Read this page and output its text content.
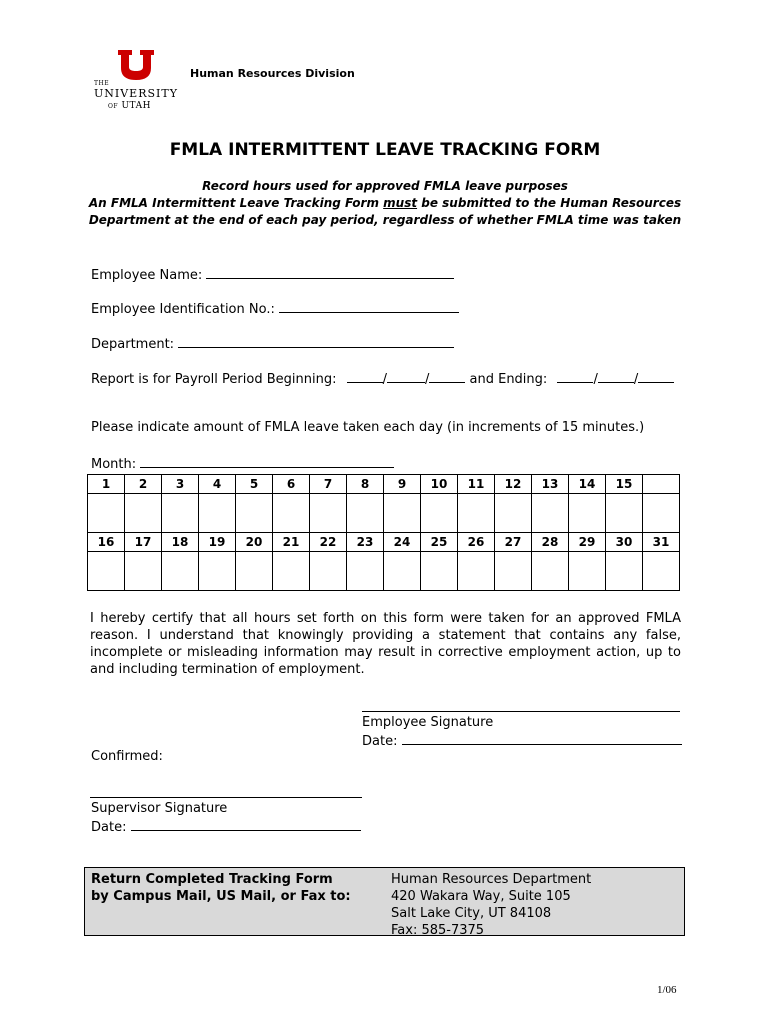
THE
UNIVERSITY
OF UTAH
Human Resources Division
FMLA INTERMITTENT LEAVE TRACKING FORM
Record hours used for approved FMLA leave purposes
An FMLA Intermittent Leave Tracking Form must be submitted to the Human Resources
Department at the end of each pay period, regardless of whether FMLA time was taken
Employee Name:
Employee Identification No.:
Department:
Report is for Payroll Period Beginning:	/	/	and Ending:	/	/
Please indicate amount of FMLA leave taken each day (in increments of 15 minutes.)
Month:
1	2	3	4	5	6	7	8	9	10	11	12	13	14	15	

16	17	18	19	20	21	22	23	24	25	26	27	28	29	30	31

I hereby certify that all hours set forth on this form were taken for an approved FMLA reason. I understand that knowingly providing a statement that contains any false, incomplete or misleading information may result in corrective employment action, up to and including termination of employment.
Employee Signature
Date:
Confirmed:
Supervisor Signature
Date:
Return Completed Tracking Form
by Campus Mail, US Mail, or Fax to:
Human Resources Department
420 Wakara Way, Suite 105
Salt Lake City, UT 84108
Fax: 585-7375
1/06
